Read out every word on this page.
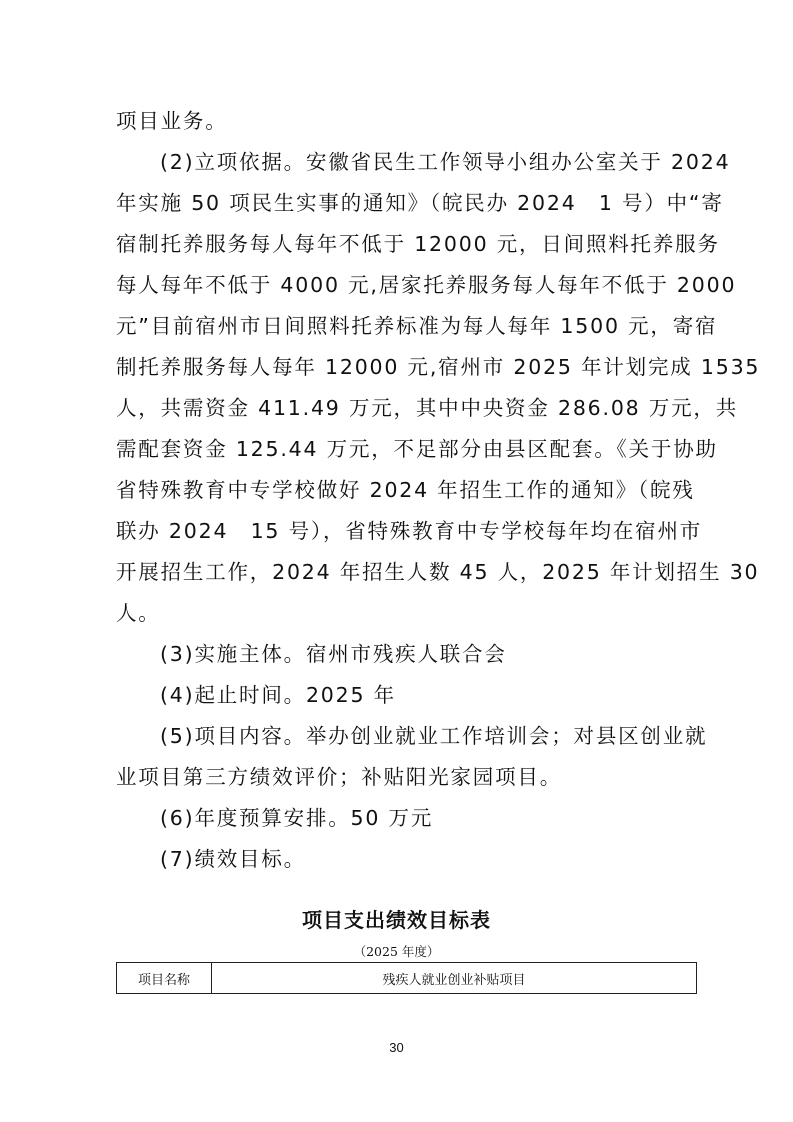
项目业务。
(2)立项依据。安徽省民生工作领导小组办公室关于 2024
年实施 50 项民生实事的通知》（皖民办 2024　1 号）中“寄
宿制托养服务每人每年不低于 12000 元，日间照料托养服务
每人每年不低于 4000 元,居家托养服务每人每年不低于 2000
元”目前宿州市日间照料托养标准为每人每年 1500 元，寄宿
制托养服务每人每年 12000 元,宿州市 2025 年计划完成 1535
人，共需资金 411.49 万元，其中中央资金 286.08 万元，共
需配套资金 125.44 万元，不足部分由县区配套。《关于协助
省特殊教育中专学校做好 2024 年招生工作的通知》（皖残
联办 2024　15 号），省特殊教育中专学校每年均在宿州市
开展招生工作，2024 年招生人数 45 人，2025 年计划招生 30
人。
(3)实施主体。宿州市残疾人联合会
(4)起止时间。2025 年
(5)项目内容。举办创业就业工作培训会；对县区创业就
业项目第三方绩效评价；补贴阳光家园项目。
(6)年度预算安排。50 万元
(7)绩效目标。
项目支出绩效目标表
（2025 年度）
项目名称	残疾人就业创业补贴项目
30
